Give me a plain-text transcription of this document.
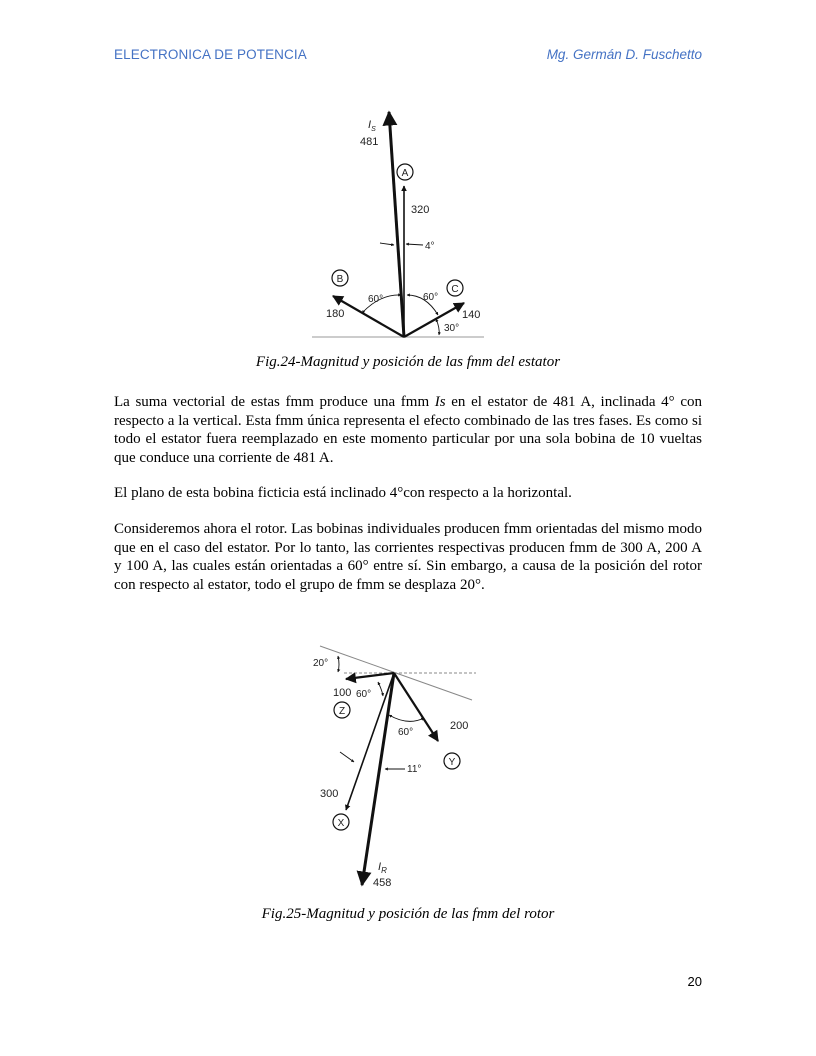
ELECTRONICA DE POTENCIA	Mg. Germán D. Fuschetto
$I_S$
481
A
320
4°
B
180
60°	60°
C
140
30°
Fig.24-Magnitud y posición de las fmm del estator

La suma vectorial de estas fmm produce una fmm Is en el estator de 481 A, inclinada 4° con respecto a la vertical. Esta fmm única representa el efecto combinado de las tres fases. Es como si todo el estator fuera reemplazado en este momento particular por una sola bobina de 10 vueltas que conduce una corriente de 481 A.

El plano de esta bobina ficticia está inclinado 4°con respecto a la horizontal.

Consideremos ahora el rotor. Las bobinas individuales producen fmm orientadas del mismo modo que en el caso del estator. Por lo tanto, las corrientes respectivas producen fmm de 300 A, 200 A y 100 A, las cuales están orientadas a 60° entre sí. Sin embargo, a causa de la posición del rotor con respecto al estator, todo el grupo de fmm se desplaza 20°.

20°
100 60°
Z
60°
200
11°
Y
300
X
$I_R$
458
Fig.25-Magnitud y posición de las fmm del rotor
20
